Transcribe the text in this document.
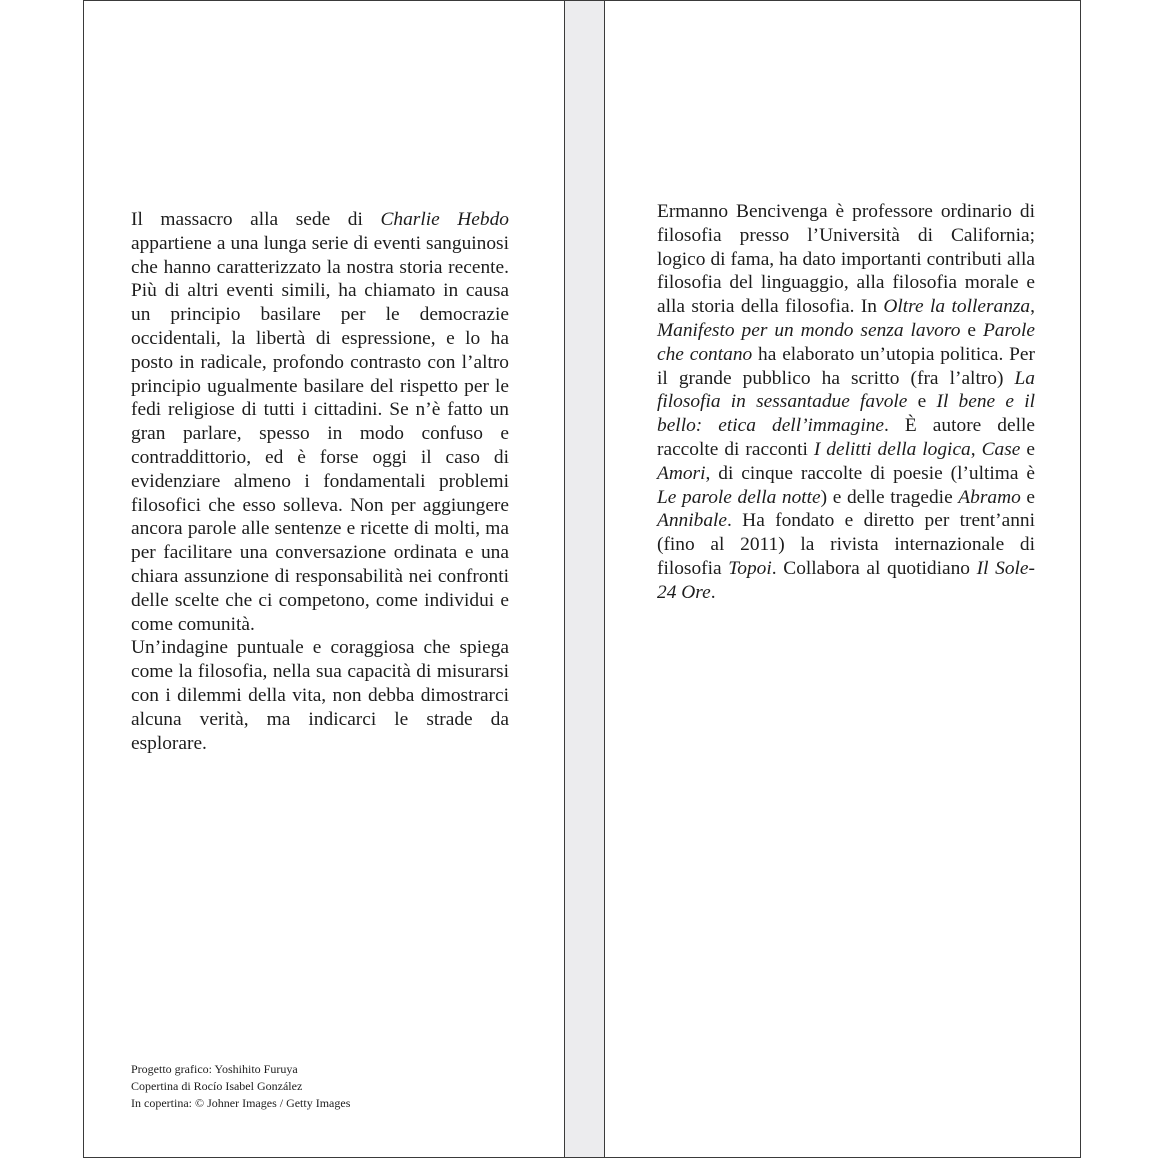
Il massacro alla sede di Charlie Hebdo appartiene a una lunga serie di eventi sanguinosi che hanno caratterizzato la nostra storia recente. Più di altri eventi simili, ha chiamato in causa un principio basilare per le democrazie occidentali, la libertà di espressione, e lo ha posto in radicale, profondo contrasto con l’altro principio ugualmente basilare del rispetto per le fedi religiose di tutti i cittadini. Se n’è fatto un gran parlare, spesso in modo confuso e contraddittorio, ed è forse oggi il caso di evidenziare almeno i fondamentali problemi filosofici che esso solleva. Non per aggiungere ancora parole alle sentenze e ricette di molti, ma per facilitare una conversazione ordinata e una chiara assunzione di responsabilità nei confronti delle scelte che ci competono, come individui e come comunità.

Un’indagine puntuale e coraggiosa che spiega come la filosofia, nella sua capacità di misurarsi con i dilemmi della vita, non debba dimostrarci alcuna verità, ma indicarci le strade da esplorare.

Progetto grafico: Yoshihito Furuya
Copertina di Rocío Isabel González
In copertina: © Johner Images / Getty Images

Ermanno Bencivenga è professore ordinario di filosofia presso l’Università di California; logico di fama, ha dato importanti contributi alla filosofia del linguaggio, alla filosofia morale e alla storia della filosofia. In Oltre la tolleranza, Manifesto per un mondo senza lavoro e Parole che contano ha elaborato un’utopia politica. Per il grande pubblico ha scritto (fra l’altro) La filosofia in sessantadue favole e Il bene e il bello: etica dell’immagine. È autore delle raccolte di racconti I delitti della logica, Case e Amori, di cinque raccolte di poesie (l’ultima è Le parole della notte) e delle tragedie Abramo e Annibale. Ha fondato e diretto per trent’anni (fino al 2011) la rivista internazionale di filosofia Topoi. Collabora al quotidiano Il Sole-24 Ore.
